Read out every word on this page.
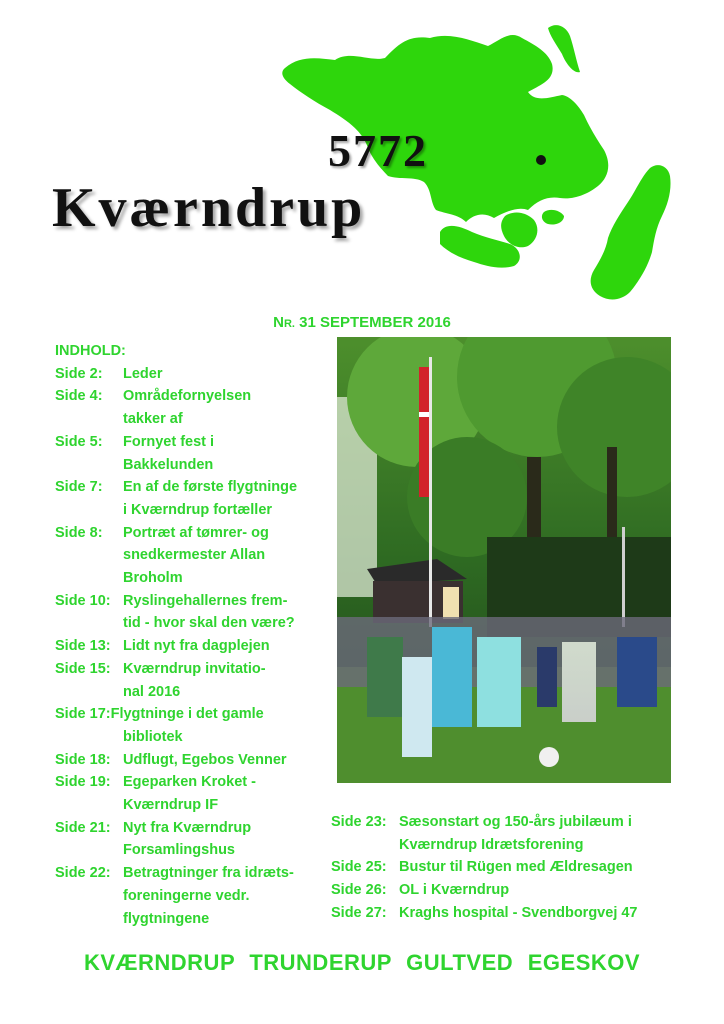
5772
Kværndrup
NR. 31 SEPTEMBER 2016
INDHOLD:
Side 2:	Leder
Side 4:	Områdefornyelsen
takker af
Side 5:	Fornyet fest i
Bakkelunden
Side 7:	En af de første flygtninge
i Kværndrup fortæller
Side 8:	Portræt af tømrer- og
snedkermester Allan
Broholm
Side 10: Ryslingehallernes frem-
tid - hvor skal den være?
Side 13: Lidt nyt fra dagplejen
Side 15: Kværndrup invitatio-
nal 2016
Side 17: Flygtninge i det gamle
bibliotek
Side 18: Udflugt, Egebos Venner
Side 19: Egeparken Kroket -
Kværndrup IF
Side 21: Nyt fra Kværndrup
Forsamlingshus
Side 22: Betragtninger fra idræts-
foreningerne vedr.
flygtningene
Side 23: Sæsonstart og 150-års jubilæum i
Kværndrup Idrætsforening
Side 25: Bustur til Rügen med Ældresagen
Side 26: OL i Kværndrup
Side 27: Kraghs hospital - Svendborgvej 47
KVÆRNDRUP TRUNDERUP GULTVED EGESKOV
